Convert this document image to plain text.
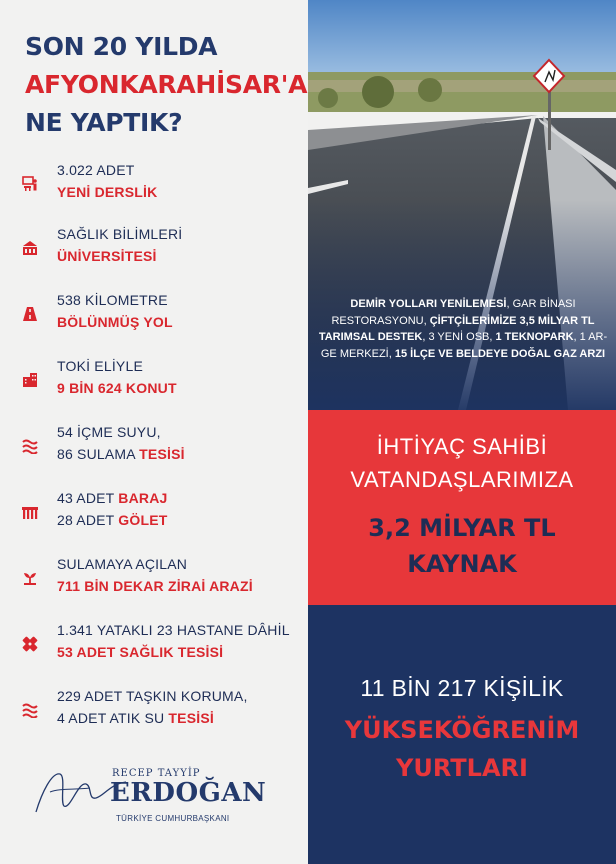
SON 20 YILDA
AFYONKARAHİSAR'A
NE YAPTIK?
3.022 ADET
YENİ DERSLİK
SAĞLIK BİLİMLERİ
ÜNİVERSİTESİ
538 KİLOMETRE
BÖLÜNMÜŞ YOL
TOKİ ELİYLE
9 BİN 624 KONUT
54 İÇME SUYU,
86 SULAMA TESİSİ
43 ADET BARAJ
28 ADET GÖLET
SULAMAYA AÇILAN
711 BİN DEKAR ZİRAİ ARAZİ
1.341 YATAKLI 23 HASTANE DÂHİL
53 ADET SAĞLIK TESİSİ
229 ADET TAŞKIN KORUMA,
4 ADET ATIK SU TESİSİ
RECEP TAYYİP
ERDOĞAN
TÜRKİYE CUMHURBAŞKANI
DEMİR YOLLARI YENİLEMESİ, GAR BİNASI RESTORASYONU, ÇİFTÇİLERİMİZE 3,5 MİLYAR TL TARIMSAL DESTEK, 3 YENİ OSB, 1 TEKNOPARK, 1 AR-GE MERKEZİ, 15 İLÇE VE BELDEYE DOĞAL GAZ ARZI
İHTİYAÇ SAHİBİ
VATANDAŞLARIMIZA
3,2 MİLYAR TL
KAYNAK
11 BİN 217 KİŞİLİK
YÜKSEKÖĞRENİM
YURTLARI
